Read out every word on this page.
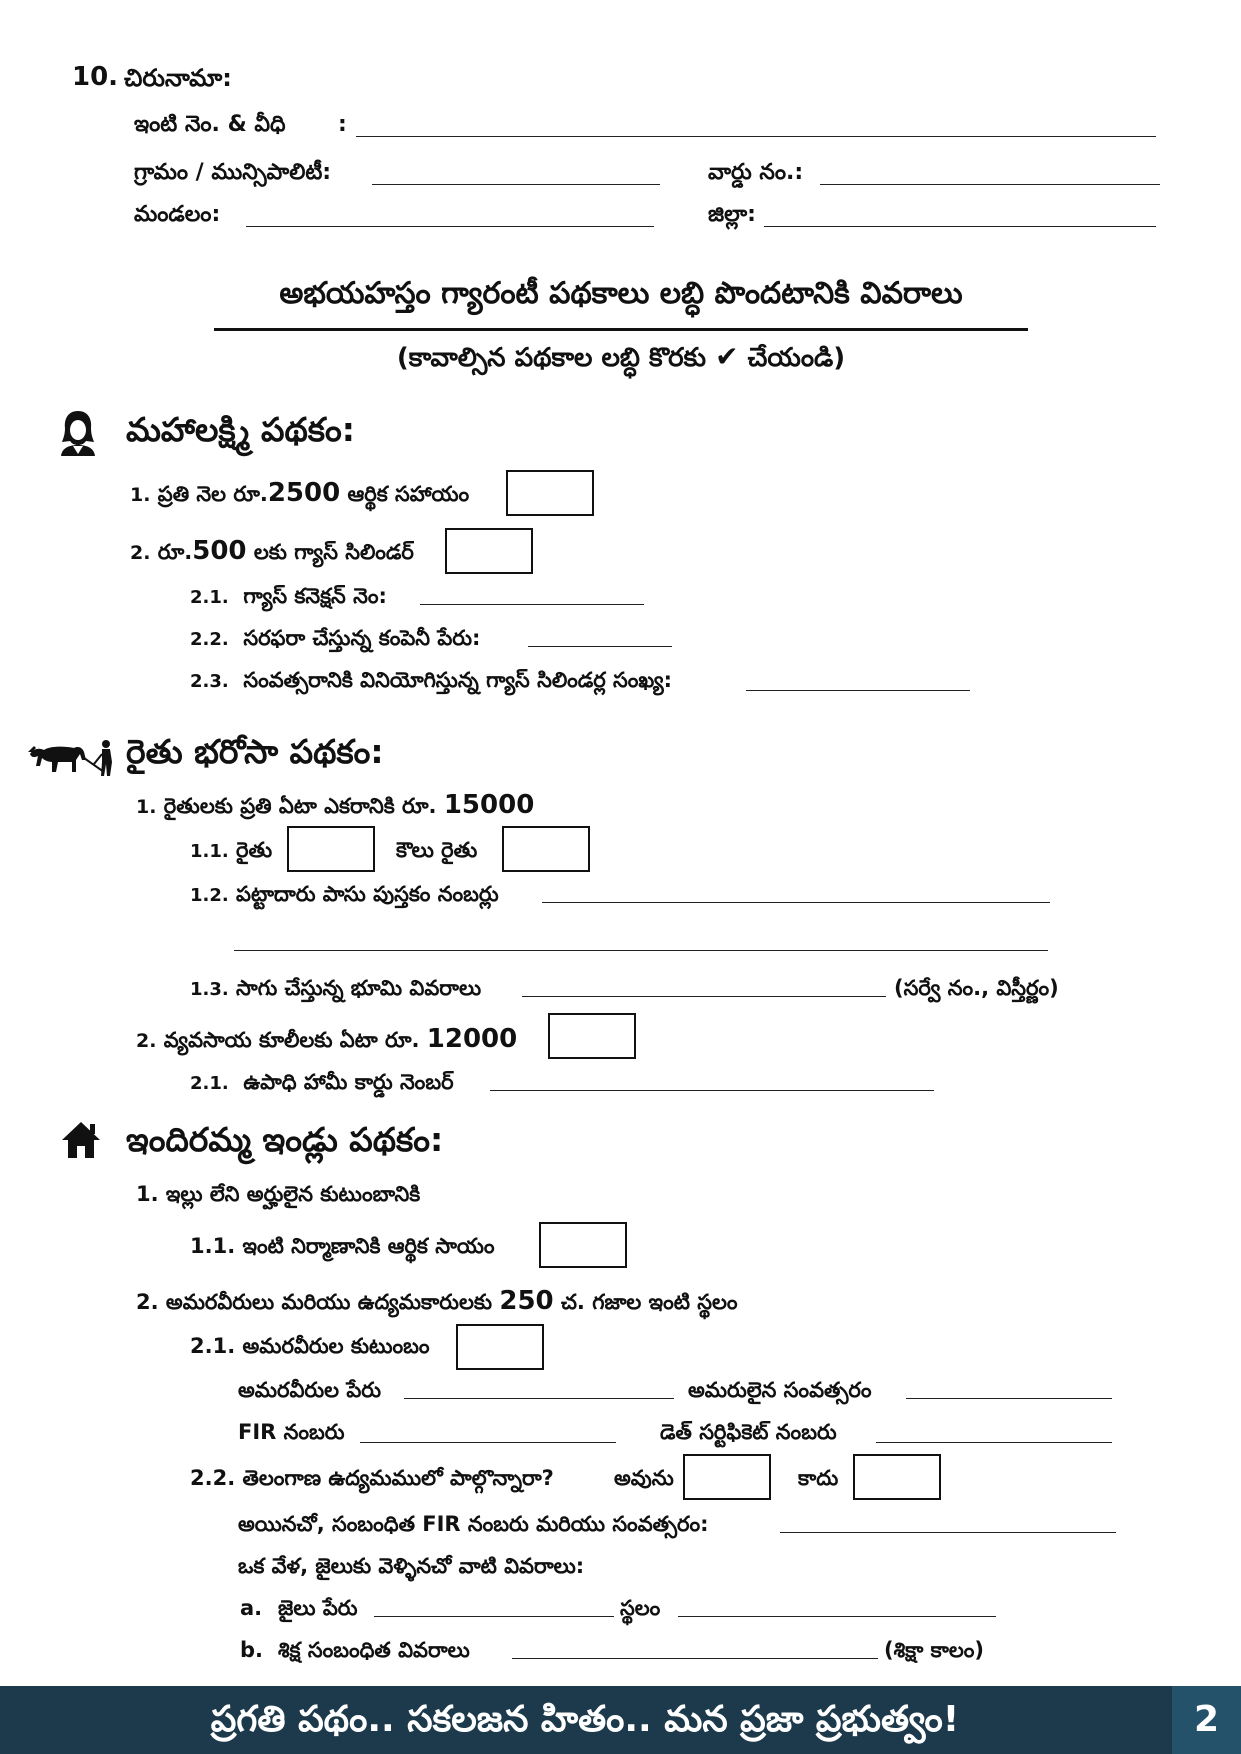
10. చిరునామా:
ఇంటి నెం. & వీధి :
గ్రామం / మున్సిపాలిటీ:	వార్డు నం.:
మండలం:	జిల్లా:
అభయహస్తం గ్యారంటీ పథకాలు లబ్ధి పొందటానికి వివరాలు
(కావాల్సిన పథకాల లబ్ధి కొరకు ✔ చేయండి)
మహాలక్ష్మి పథకం:
1. ప్రతి నెల రూ.2500 ఆర్థిక సహాయం
2. రూ.500 లకు గ్యాస్ సిలిండర్
2.1. గ్యాస్ కనెక్షన్ నెం:
2.2. సరఫరా చేస్తున్న కంపెనీ పేరు:
2.3. సంవత్సరానికి వినియోగిస్తున్న గ్యాస్ సిలిండర్ల సంఖ్య:
రైతు భరోసా పథకం:
1. రైతులకు ప్రతి ఏటా ఎకరానికి రూ. 15000
1.1. రైతు	కౌలు రైతు
1.2. పట్టాదారు పాసు పుస్తకం నంబర్లు
1.3. సాగు చేస్తున్న భూమి వివరాలు	(సర్వే నం., విస్తీర్ణం)
2. వ్యవసాయ కూలీలకు ఏటా రూ. 12000
2.1. ఉపాధి హామీ కార్డు నెంబర్
ఇందిరమ్మ ఇండ్లు పథకం:
1. ఇల్లు లేని అర్హులైన కుటుంబానికి
1.1. ఇంటి నిర్మాణానికి ఆర్థిక సాయం
2. అమరవీరులు మరియు ఉద్యమకారులకు 250 చ. గజాల ఇంటి స్థలం
2.1. అమరవీరుల కుటుంబం
అమరవీరుల పేరు	అమరులైన సంవత్సరం
FIR నంబరు	డెత్ సర్టిఫికెట్ నంబరు
2.2. తెలంగాణ ఉద్యమములో పాల్గొన్నారా?	అవును	కాదు
అయినచో, సంబంధిత FIR నంబరు మరియు సంవత్సరం:
ఒక వేళ, జైలుకు వెళ్ళినచో వాటి వివరాలు:
a. జైలు పేరు	స్థలం
b. శిక్ష సంబంధిత వివరాలు	(శిక్షా కాలం)
ప్రగతి పథం.. సకలజన హితం.. మన ప్రజా ప్రభుత్వం!	2
